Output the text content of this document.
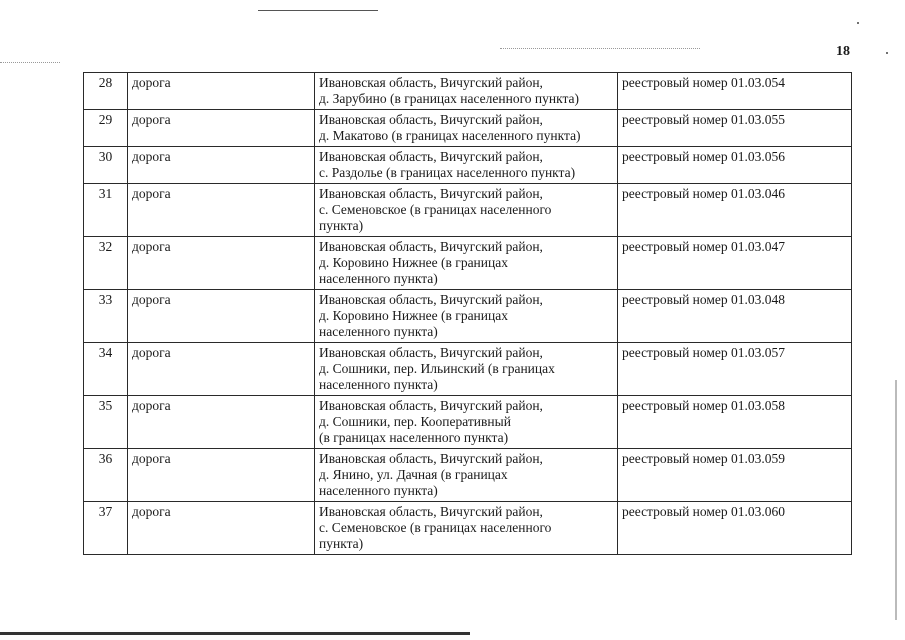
18
28	дорога	Ивановская область, Вичугский район,
д. Зарубино (в границах населенного пункта)	реестровый номер 01.03.054
29	дорога	Ивановская область, Вичугский район,
д. Макатово (в границах населенного пункта)	реестровый номер 01.03.055
30	дорога	Ивановская область, Вичугский район,
с. Раздолье (в границах населенного пункта)	реестровый номер 01.03.056
31	дорога	Ивановская область, Вичугский район,
с. Семеновское (в границах населенного
пункта)	реестровый номер 01.03.046
32	дорога	Ивановская область, Вичугский район,
д. Коровино Нижнее (в границах
населенного пункта)	реестровый номер 01.03.047
33	дорога	Ивановская область, Вичугский район,
д. Коровино Нижнее (в границах
населенного пункта)	реестровый номер 01.03.048
34	дорога	Ивановская область, Вичугский район,
д. Сошники, пер. Ильинский (в границах
населенного пункта)	реестровый номер 01.03.057
35	дорога	Ивановская область, Вичугский район,
д. Сошники, пер. Кооперативный
(в границах населенного пункта)	реестровый номер 01.03.058
36	дорога	Ивановская область, Вичугский район,
д. Янино, ул. Дачная (в границах
населенного пункта)	реестровый номер 01.03.059
37	дорога	Ивановская область, Вичугский район,
с. Семеновское (в границах населенного
пункта)	реестровый номер 01.03.060
